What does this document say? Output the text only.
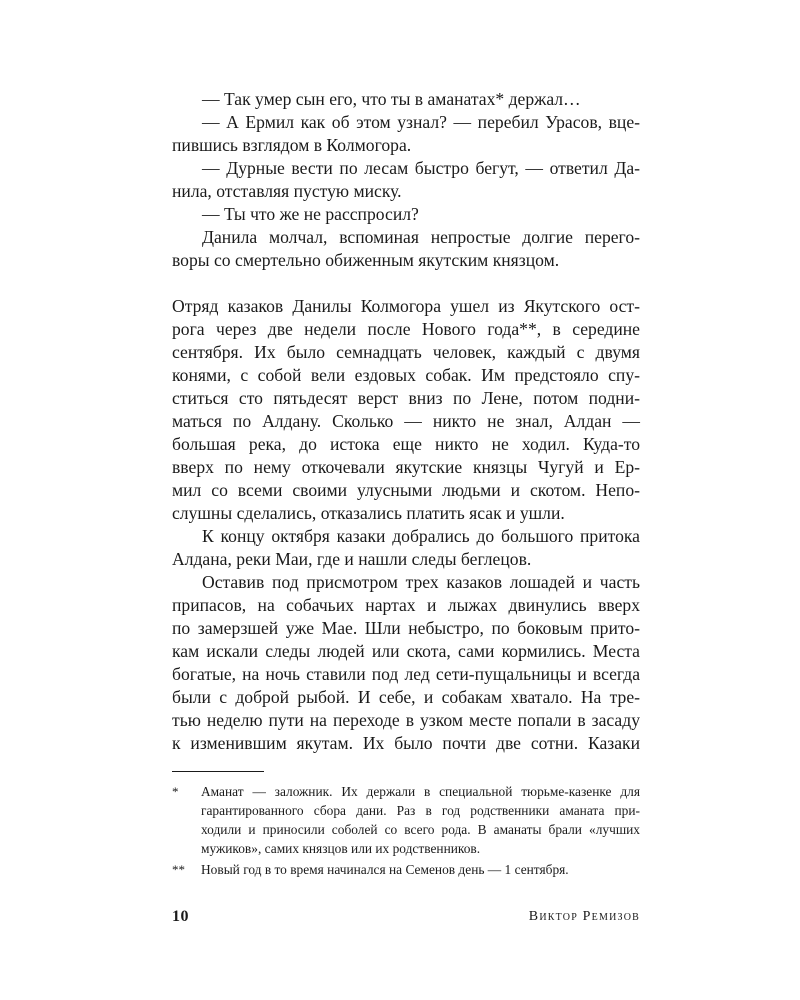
— Так умер сын его, что ты в аманатах* держал…
— А Ермил как об этом узнал? — перебил Урасов, вце-
пившись взглядом в Колмогора.
— Дурные вести по лесам быстро бегут, — ответил Да-
нила, отставляя пустую миску.
— Ты что же не расспросил?
Данила молчал, вспоминая непростые долгие перего-
воры со смертельно обиженным якутским князцом.
Отряд казаков Данилы Колмогора ушел из Якутского ост-
рога через две недели после Нового года**, в середине
сентября. Их было семнадцать человек, каждый с двумя
конями, с собой вели ездовых собак. Им предстояло спу-
ститься сто пятьдесят верст вниз по Лене, потом подни-
маться по Алдану. Сколько — никто не знал, Алдан —
большая река, до истока еще никто не ходил. Куда-то
вверх по нему откочевали якутские князцы Чугуй и Ер-
мил со всеми своими улусными людьми и скотом. Непо-
слушны сделались, отказались платить ясак и ушли.
К концу октября казаки добрались до большого притока
Алдана, реки Маи, где и нашли следы беглецов.
Оставив под присмотром трех казаков лошадей и часть
припасов, на собачьих нартах и лыжах двинулись вверх
по замерзшей уже Мае. Шли небыстро, по боковым прито-
кам искали следы людей или скота, сами кормились. Места
богатые, на ночь ставили под лед сети-пущальницы и всегда
были с доброй рыбой. И себе, и собакам хватало. На тре-
тью неделю пути на переходе в узком месте попали в засаду
к изменившим якутам. Их было почти две сотни. Казаки
* Аманат — заложник. Их держали в специальной тюрьме-казенке для
гарантированного сбора дани. Раз в год родственники аманата при-
ходили и приносили соболей со всего рода. В аманаты брали «лучших
мужиков», самих князцов или их родственников.
** Новый год в то время начинался на Семенов день — 1 сентября.
10	Виктор Ремизов
